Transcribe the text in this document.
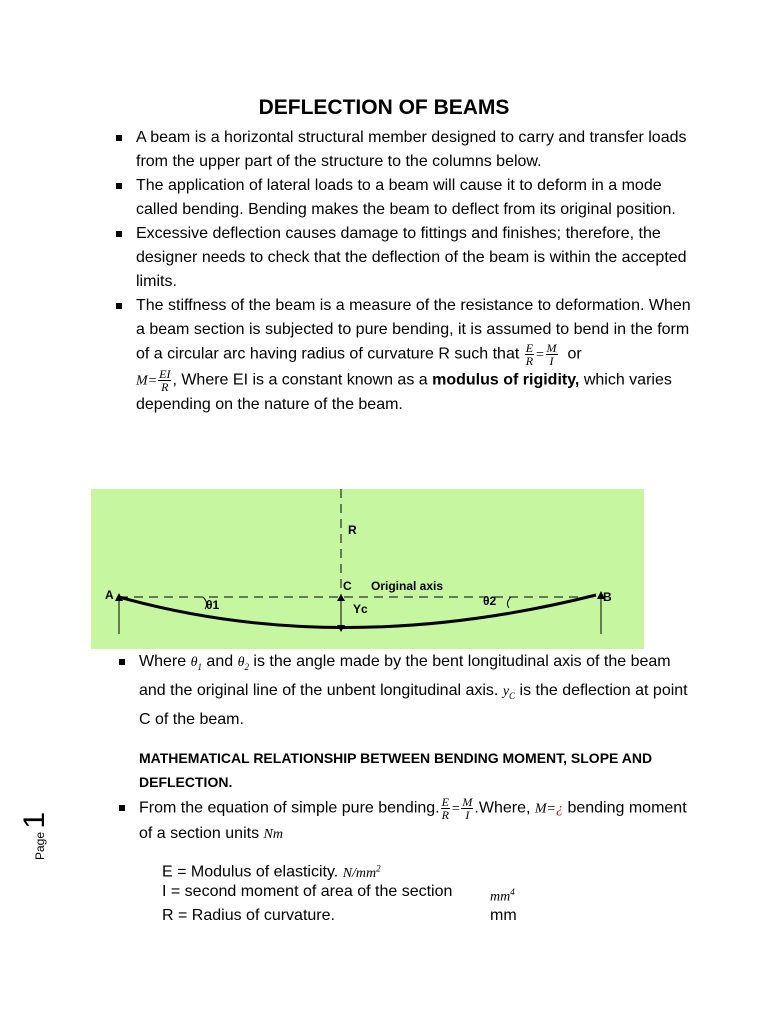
DEFLECTION OF BEAMS
A beam is a horizontal structural member designed to carry and transfer loads from the upper part of the structure to the columns below.
The application of lateral loads to a beam will cause it to deform in a mode called bending. Bending makes the beam to deflect from its original position.
Excessive deflection causes damage to fittings and finishes; therefore, the designer needs to check that the deflection of the beam is within the accepted limits.
The stiffness of the beam is a measure of the resistance to deformation. When a beam section is subjected to pure bending, it is assumed to bend in the form of a circular arc having radius of curvature R such that $\frac{E}{R} = \frac{M}{I}$ or
$M= \frac{EI}{R}$ , Where EI is a constant known as a modulus of rigidity, which varies depending on the nature of the beam.
R
C Original axis
A	B
θ1	θ2
Yc
Where $\theta_1$ and $\theta_2$ is the angle made by the bent longitudinal axis of the beam and the original line of the unbent longitudinal axis. $y_C$ is the deflection at point C of the beam.
MATHEMATICAL RELATIONSHIP BETWEEN BENDING MOMENT, SLOPE AND DEFLECTION.
From the equation of simple pure bending. $\frac{E}{R} = \frac{M}{I}$ .Where, M=¿ bending moment of a section units Nm
E = Modulus of elasticity. $N/mm^2$
I = second moment of area of the section	$mm^4$
R = Radius of curvature.	mm
Page 1
